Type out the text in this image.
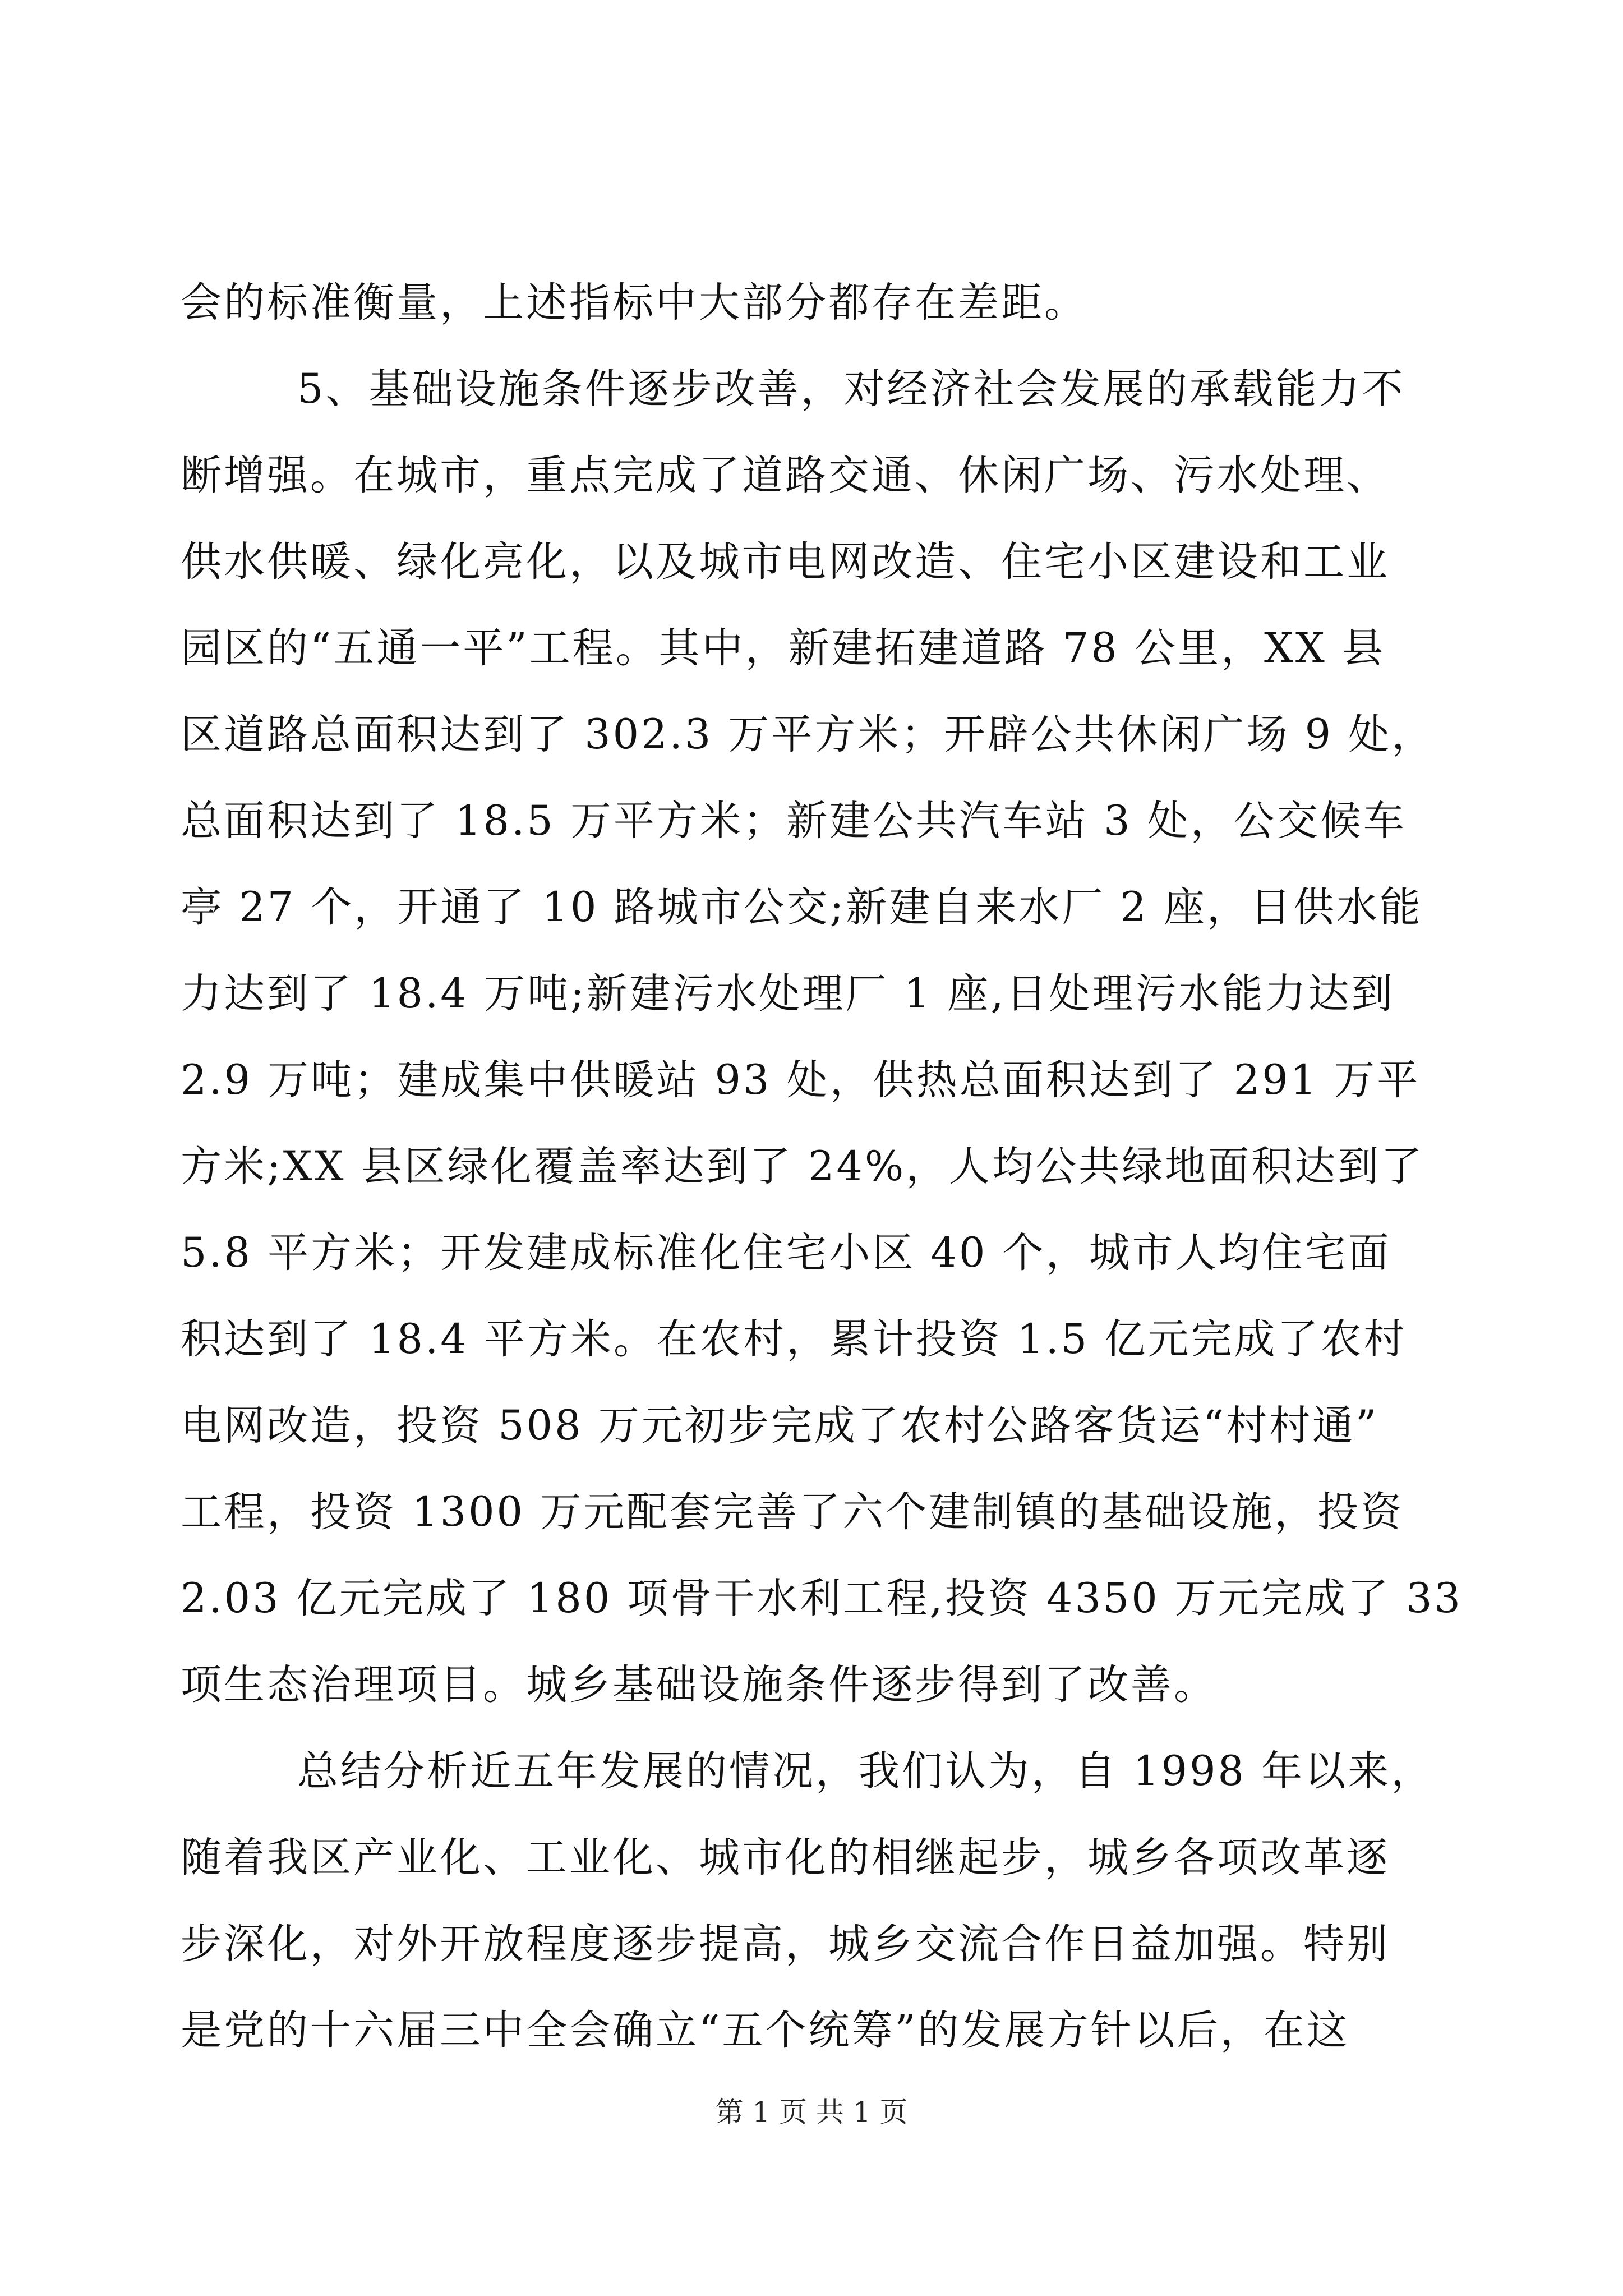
会的标准衡量，上述指标中大部分都存在差距。
5、基础设施条件逐步改善，对经济社会发展的承载能力不
断增强。在城市，重点完成了道路交通、休闲广场、污水处理、
供水供暖、绿化亮化，以及城市电网改造、住宅小区建设和工业
园区的“五通一平”工程。其中，新建拓建道路 78 公里，XX 县
区道路总面积达到了 302.3 万平方米；开辟公共休闲广场 9 处，
总面积达到了 18.5 万平方米；新建公共汽车站 3 处，公交候车
亭 27 个，开通了 10 路城市公交;新建自来水厂 2 座，日供水能
力达到了 18.4 万吨;新建污水处理厂 1 座,日处理污水能力达到
2.9 万吨；建成集中供暖站 93 处，供热总面积达到了 291 万平
方米;XX 县区绿化覆盖率达到了 24%，人均公共绿地面积达到了
5.8 平方米；开发建成标准化住宅小区 40 个，城市人均住宅面
积达到了 18.4 平方米。在农村，累计投资 1.5 亿元完成了农村
电网改造，投资 508 万元初步完成了农村公路客货运“村村通”
工程，投资 1300 万元配套完善了六个建制镇的基础设施，投资
2.03 亿元完成了 180 项骨干水利工程,投资 4350 万元完成了 33
项生态治理项目。城乡基础设施条件逐步得到了改善。
总结分析近五年发展的情况，我们认为，自 1998 年以来，
随着我区产业化、工业化、城市化的相继起步，城乡各项改革逐
步深化，对外开放程度逐步提高，城乡交流合作日益加强。特别
是党的十六届三中全会确立“五个统筹”的发展方针以后，在这
第 1 页 共 1 页
